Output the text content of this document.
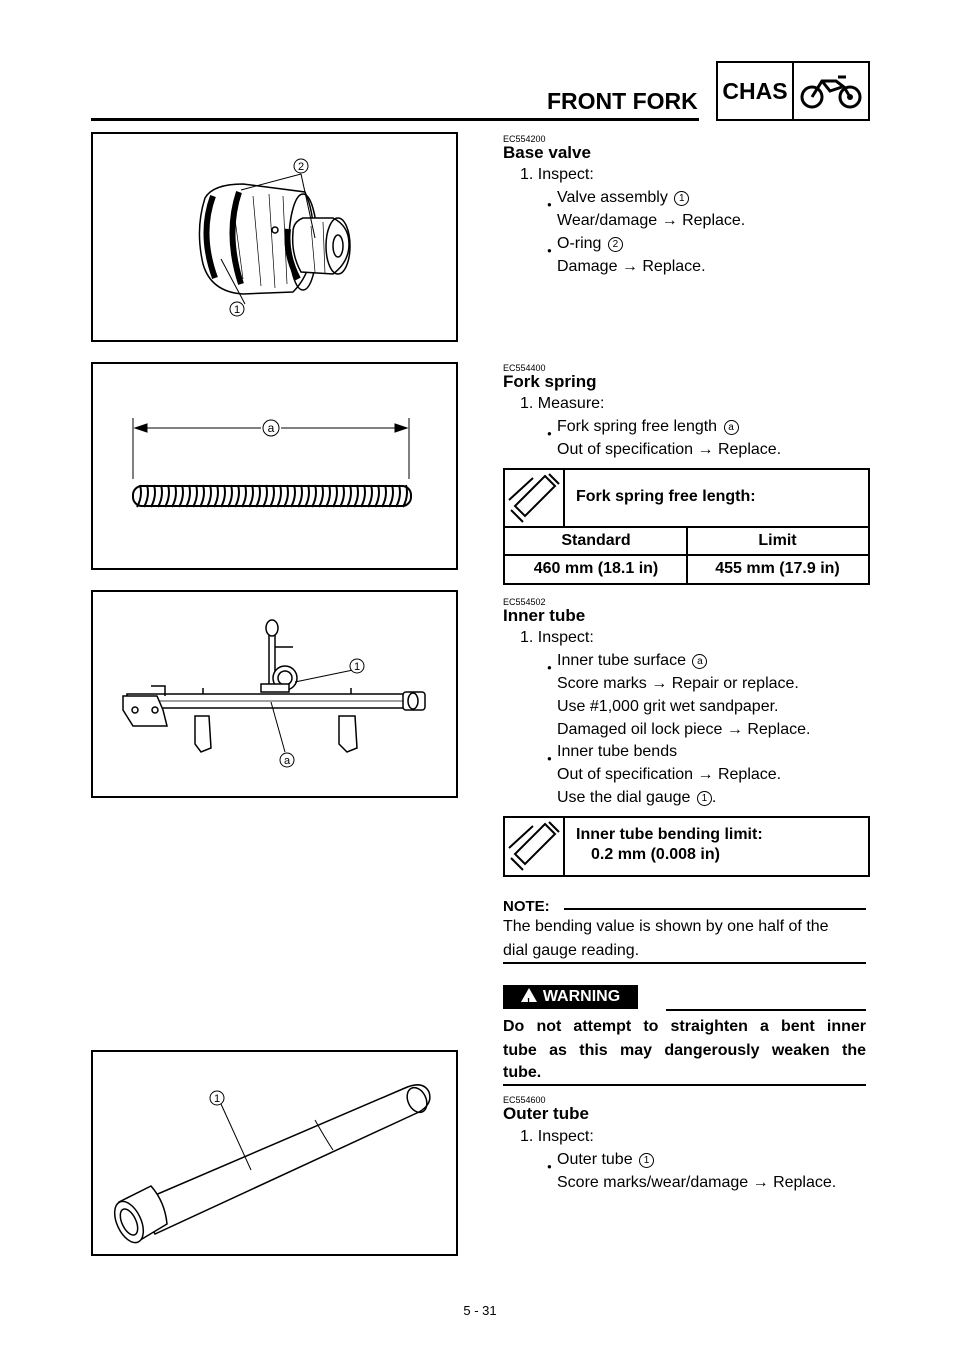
FRONT FORK CHAS
2
1
EC554200
Base valve
1. Inspect:
● Valve assembly 1
Wear/damage → Replace.
● O-ring 2
Damage → Replace.
a
EC554400
Fork spring
1. Measure:
● Fork spring free length a
Out of specification → Replace.
Fork spring free length:
Standard	Limit
460 mm (18.1 in)	455 mm (17.9 in)
1
a
EC554502
Inner tube
1. Inspect:
● Inner tube surface a
Score marks → Repair or replace.
Use #1,000 grit wet sandpaper.
Damaged oil lock piece → Replace.
● Inner tube bends
Out of specification → Replace.
Use the dial gauge 1 .
Inner tube bending limit:
0.2 mm (0.008 in)
NOTE:
The bending value is shown by one half of the
dial gauge reading.
! WARNING
Do not attempt to straighten a bent inner
tube as this may dangerously weaken the
tube.
1	EC554600
Outer tube
1. Inspect:
● Outer tube 1
Score marks/wear/damage → Replace.
5 - 31
